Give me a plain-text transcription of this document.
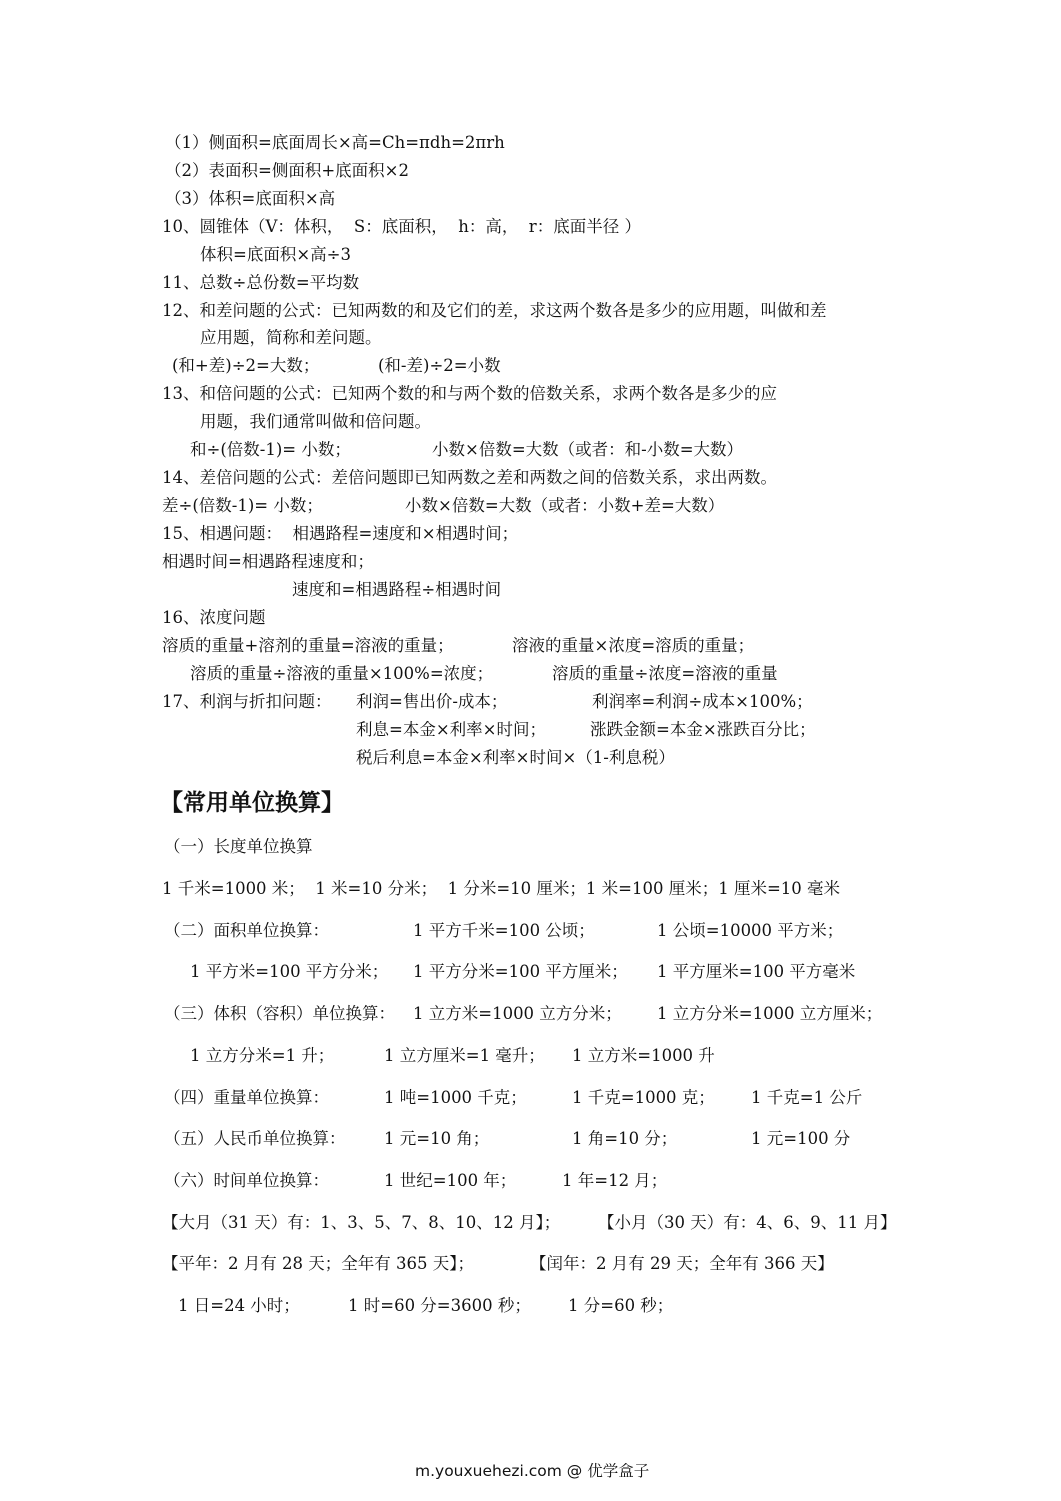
（1）侧面积=底面周长×高=Ch=πdh=2πrh
（2）表面积=侧面积+底面积×2
（3）体积=底面积×高
10、圆锥体（V：体积，  S：底面积，  h：高，  r：底面半径 ）
体积=底面积×高÷3
11、总数÷总份数=平均数
12、和差问题的公式：已知两数的和及它们的差，求这两个数各是多少的应用题，叫做和差
应用题，简称和差问题。
(和+差)÷2=大数；	(和-差)÷2=小数
13、和倍问题的公式：已知两个数的和与两个数的倍数关系，求两个数各是多少的应
用题，我们通常叫做和倍问题。
和÷(倍数-1)= 小数；	小数×倍数=大数（或者：和-小数=大数）
14、差倍问题的公式：差倍问题即已知两数之差和两数之间的倍数关系，求出两数。
差÷(倍数-1)= 小数；	小数×倍数=大数（或者：小数+差=大数）
15、相遇问题：  相遇路程=速度和×相遇时间；
相遇时间=相遇路程速度和；
速度和=相遇路程÷相遇时间
16、浓度问题
溶质的重量+溶剂的重量=溶液的重量；	溶液的重量×浓度=溶质的重量；
溶质的重量÷溶液的重量×100%=浓度；	溶质的重量÷浓度=溶液的重量
17、利润与折扣问题： 利润=售出价-成本；	利润率=利润÷成本×100%；
利息=本金×利率×时间；	涨跌金额=本金×涨跌百分比；
税后利息=本金×利率×时间×（1-利息税）
【常用单位换算】
（一）长度单位换算
1 千米=1000 米；  1 米=10 分米；  1 分米=10 厘米；1 米=100 厘米；1 厘米=10 毫米
（二）面积单位换算：	1 平方千米=100 公顷；	1 公顷=10000 平方米；
1 平方米=100 平方分米； 1 平方分米=100 平方厘米； 1 平方厘米=100 平方毫米
（三）体积（容积）单位换算： 1 立方米=1000 立方分米； 1 立方分米=1000 立方厘米；
1 立方分米=1 升；	1 立方厘米=1 毫升； 1 立方米=1000 升
（四）重量单位换算：	1 吨=1000 千克；	1 千克=1000 克； 1 千克=1 公斤
（五）人民币单位换算： 1 元=10 角；	1 角=10 分；	1 元=100 分
（六）时间单位换算：	1 世纪=100 年；	1 年=12 月；
【大月（31 天）有：1、3、5、7、8、10、12 月】； 【小月（30 天）有：4、6、9、11 月】
【平年：2 月有 28 天；全年有 365 天】；	【闰年：2 月有 29 天；全年有 366 天】
1 日=24 小时；	1 时=60 分=3600 秒； 1 分=60 秒；
m.youxuehezi.com @ 优学盒子
